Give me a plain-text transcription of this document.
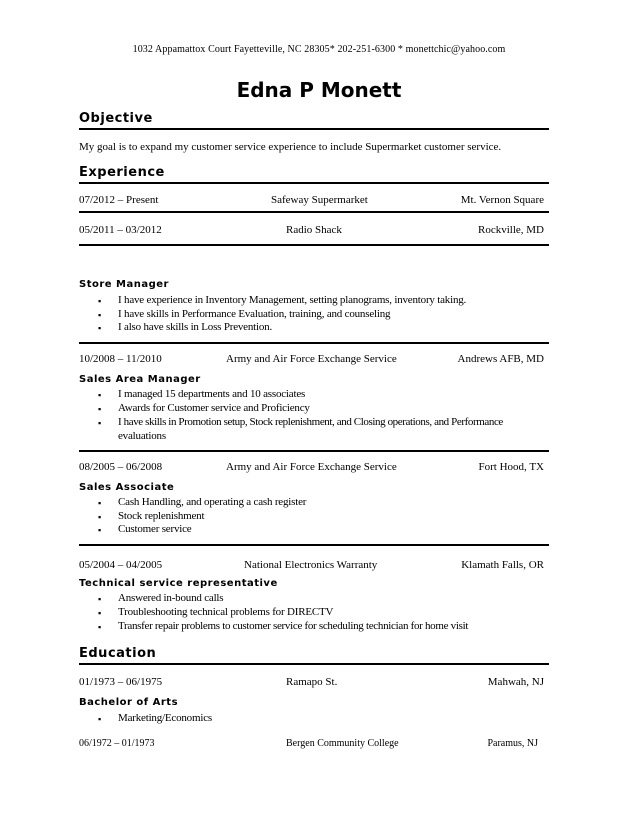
1032 Appamattox Court Fayetteville, NC 28305* 202-251-6300 * monettchic@yahoo.com
Edna P Monett
Objective
My goal is to expand my customer service experience to include Supermarket customer service.
Experience
07/2012 – Present	Safeway Supermarket	Mt. Vernon Square
05/2011 – 03/2012	Radio Shack	Rockville, MD
Store Manager
▪ I have experience in Inventory Management, setting planograms, inventory taking.
▪ I have skills in Performance Evaluation, training, and counseling
▪ I also have skills in Loss Prevention.
10/2008 – 11/2010	Army and Air Force Exchange Service	Andrews AFB, MD
Sales Area Manager
▪ I managed 15 departments and 10 associates
▪ Awards for Customer service and Proficiency
▪ I have skills in Promotion setup, Stock replenishment, and Closing operations, and Performance
evaluations
08/2005 – 06/2008	Army and Air Force Exchange Service	Fort Hood, TX
Sales Associate
▪ Cash Handling, and operating a cash register
▪ Stock replenishment
▪ Customer service
05/2004 – 04/2005	National Electronics Warranty	Klamath Falls, OR
Technical service representative
▪ Answered in-bound calls
▪ Troubleshooting technical problems for DIRECTV
▪ Transfer repair problems to customer service for scheduling technician for home visit
Education
01/1973 – 06/1975	Ramapo St.	Mahwah, NJ
Bachelor of Arts
▪ Marketing/Economics
06/1972 – 01/1973	Bergen Community College	Paramus, NJ
